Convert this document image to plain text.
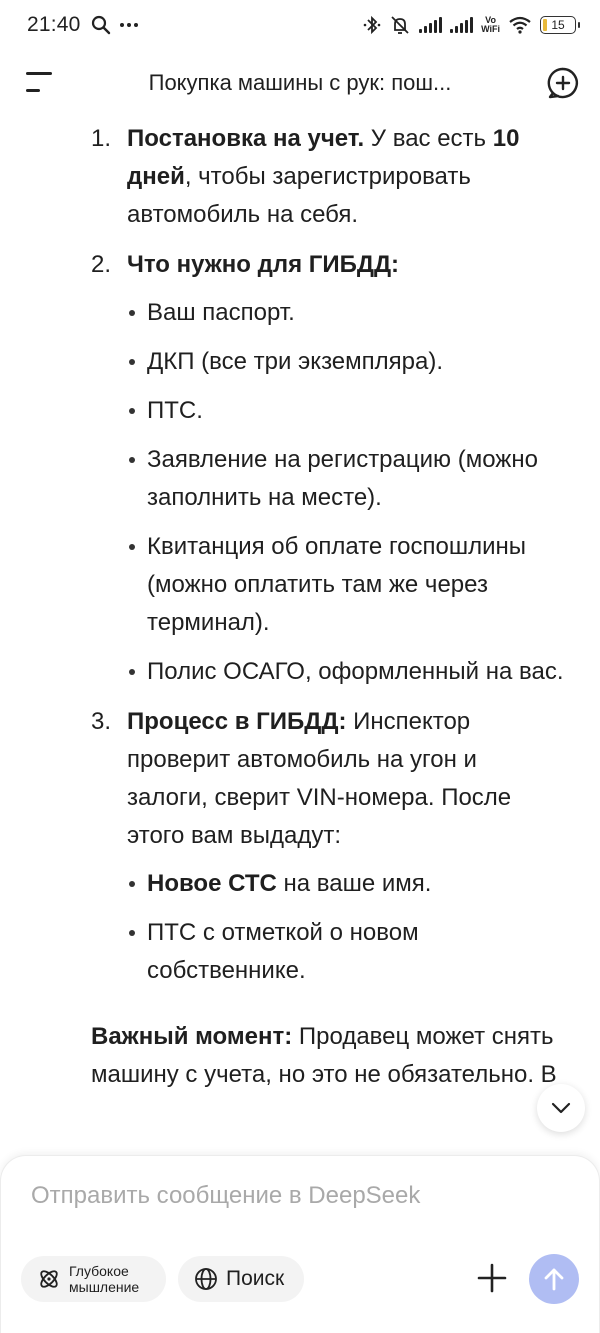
21:40	Vo
WiFi	15
Покупка машины с рук: пош...
1. Постановка на учет. У вас есть 10 дней, чтобы зарегистрировать автомобиль на себя.
2. Что нужно для ГИБДД:
Ваш паспорт.
ДКП (все три экземпляра).
ПТС.
Заявление на регистрацию (можно заполнить на месте).
Квитанция об оплате госпошлины (можно оплатить там же через терминал).
Полис ОСАГО, оформленный на вас.
3. Процесс в ГИБДД: Инспектор проверит автомобиль на угон и залоги, сверит VIN-номера. После этого вам выдадут:
Новое СТС на ваше имя.
ПТС с отметкой о новом собственнике.
Важный момент: Продавец может снять машину с учета, но это не обязательно. В
Отправить сообщение в DeepSeek
Глубокое
мышление	Поиск
